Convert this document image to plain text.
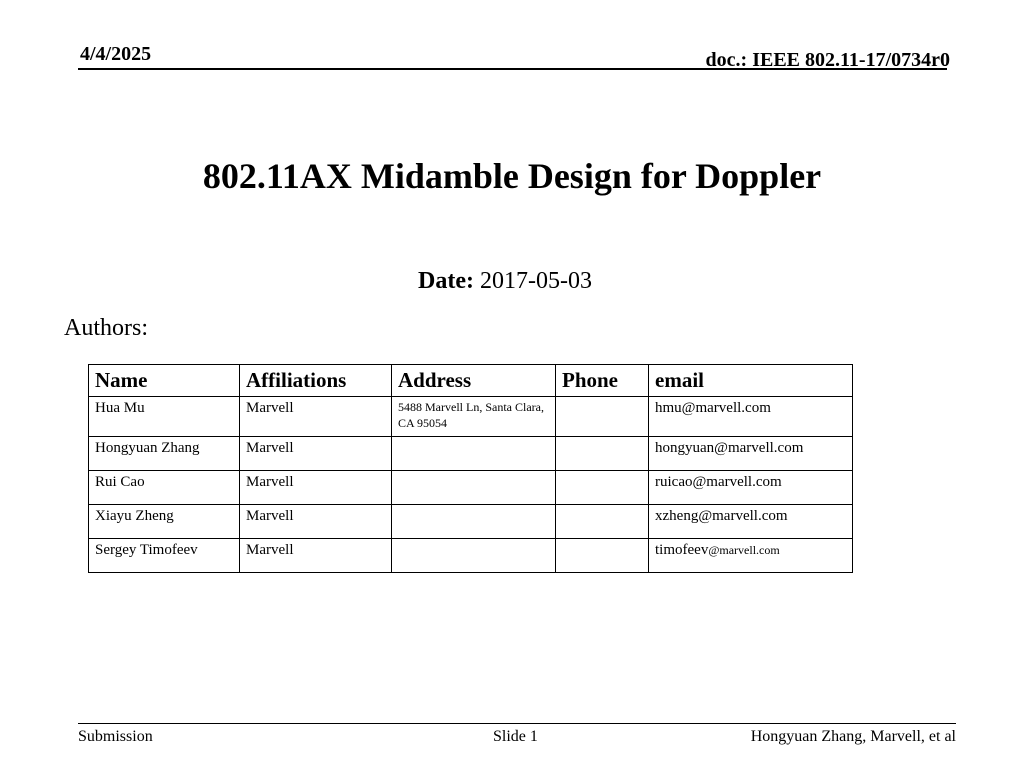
4/4/2025	doc.: IEEE 802.11-17/0734r0
802.11AX Midamble Design for Doppler
Date: 2017-05-03
Authors:
Name	Affiliations	Address	Phone	email
Hua Mu	Marvell	5488 Marvell Ln, Santa Clara, CA 95054		hmu@marvell.com
Hongyuan Zhang	Marvell			hongyuan@marvell.com
Rui Cao	Marvell			ruicao@marvell.com
Xiayu Zheng	Marvell			xzheng@marvell.com
Sergey Timofeev	Marvell			timofeev@marvell.com
Submission	Slide 1	Hongyuan Zhang, Marvell, et al
